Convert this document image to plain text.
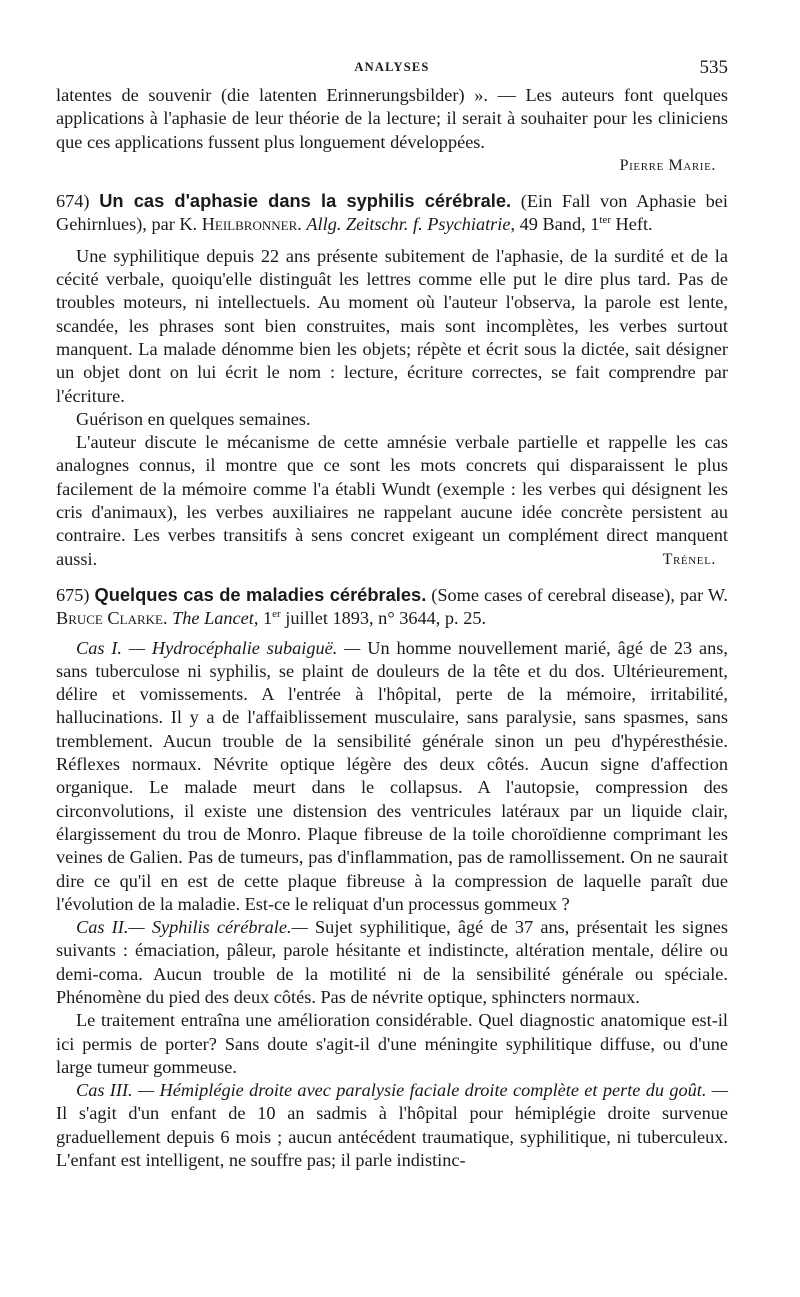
ANALYSES	535

latentes de souvenir (die latenten Erinnerungsbilder) ». — Les auteurs font quelques applications à l'aphasie de leur théorie de la lecture; il serait à souhaiter pour les cliniciens que ces applications fussent plus longuement développées.

Pierre Marie.

674) Un cas d'aphasie dans la syphilis cérébrale. (Ein Fall von Aphasie bei Gehirnlues), par K. Heilbronner. Allg. Zeitschr. f. Psychiatrie, 49 Band, $1^{ter}$ Heft.

Une syphilitique depuis 22 ans présente subitement de l'aphasie, de la surdité et de la cécité verbale, quoiqu'elle distinguât les lettres comme elle put le dire plus tard. Pas de troubles moteurs, ni intellectuels. Au moment où l'auteur l'observa, la parole est lente, scandée, les phrases sont bien construites, mais sont incomplètes, les verbes surtout manquent. La malade dénomme bien les objets; répète et écrit sous la dictée, sait désigner un objet dont on lui écrit le nom : lecture, écriture correctes, se fait comprendre par l'écriture.

Guérison en quelques semaines.

L'auteur discute le mécanisme de cette amnésie verbale partielle et rappelle les cas analognes connus, il montre que ce sont les mots concrets qui disparaissent le plus facilement de la mémoire comme l'a établi Wundt (exemple : les verbes qui désignent les cris d'animaux), les verbes auxiliaires ne rappelant aucune idée concrète persistent au contraire. Les verbes transitifs à sens concret exigeant un complément direct manquent aussi.	Trénel.

675) Quelques cas de maladies cérébrales. (Some cases of cerebral disease), par W. Bruce Clarke. The Lancet, 1er juillet 1893, n° 3644, p. 25.

Cas I. — Hydrocéphalie subaiguë. — Un homme nouvellement marié, âgé de 23 ans, sans tuberculose ni syphilis, se plaint de douleurs de la tête et du dos. Ultérieurement, délire et vomissements. A l'entrée à l'hôpital, perte de la mémoire, irritabilité, hallucinations. Il y a de l'affaiblissement musculaire, sans paralysie, sans spasmes, sans tremblement. Aucun trouble de la sensibilité générale sinon un peu d'hypéresthésie. Réflexes normaux. Névrite optique légère des deux côtés. Aucun signe d'affection organique. Le malade meurt dans le collapsus. A l'autopsie, compression des circonvolutions, il existe une distension des ventricules latéraux par un liquide clair, élargissement du trou de Monro. Plaque fibreuse de la toile choroïdienne comprimant les veines de Galien. Pas de tumeurs, pas d'inflammation, pas de ramollissement. On ne saurait dire ce qu'il en est de cette plaque fibreuse à la compression de laquelle paraît due l'évolution de la maladie. Est-ce le reliquat d'un processus gommeux ?

Cas II.— Syphilis cérébrale.— Sujet syphilitique, âgé de 37 ans, présentait les signes suivants : émaciation, pâleur, parole hésitante et indistincte, altération mentale, délire ou demi-coma. Aucun trouble de la motilité ni de la sensibilité générale ou spéciale. Phénomène du pied des deux côtés. Pas de névrite optique, sphincters normaux.

Le traitement entraîna une amélioration considérable. Quel diagnostic anatomique est-il ici permis de porter? Sans doute s'agit-il d'une méningite syphilitique diffuse, ou d'une large tumeur gommeuse.

Cas III. — Hémiplégie droite avec paralysie faciale droite complète et perte du goût. — Il s'agit d'un enfant de 10 an sadmis à l'hôpital pour hémiplégie droite survenue graduellement depuis 6 mois ; aucun antécédent traumatique, syphilitique, ni tuberculeux. L'enfant est intelligent, ne souffre pas; il parle indistinc-
